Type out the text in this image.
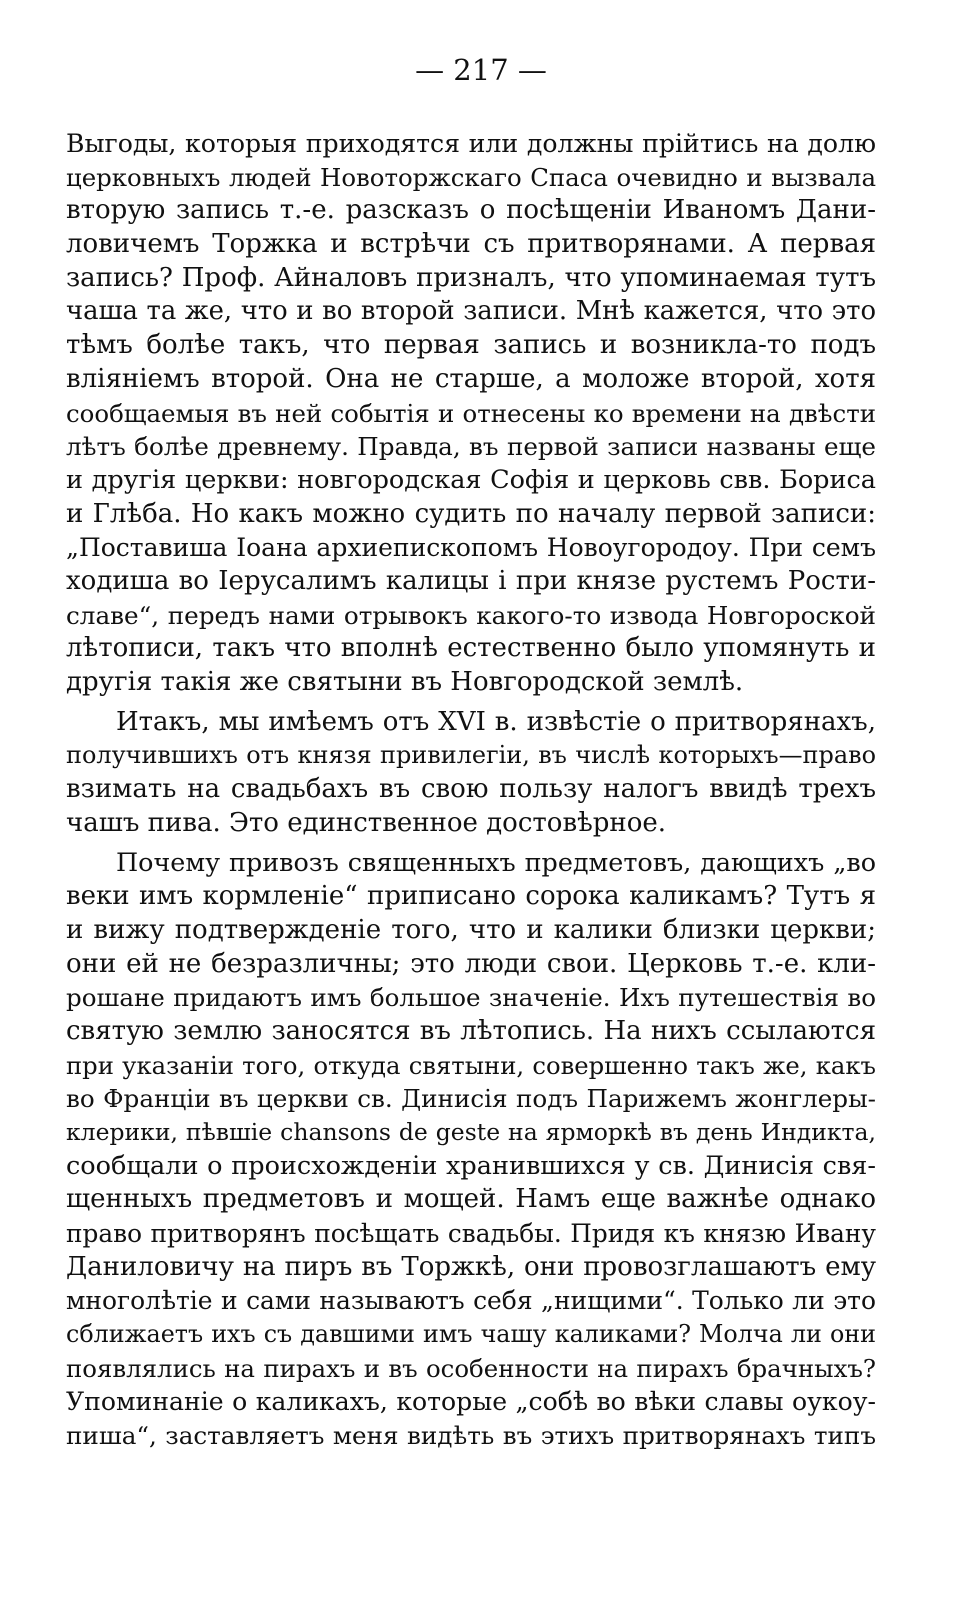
— 217 —
Выгоды, которыя приходятся или должны прійтись на долю
церковныхъ людей Новоторжскаго Спаса очевидно и вызвала
вторую запись т.-е. разсказъ о посѣщеніи Иваномъ Дани-
ловичемъ Торжка и встрѣчи съ притворянами. А первая
запись? Проф. Айналовъ призналъ, что упоминаемая тутъ
чаша та же, что и во второй записи. Мнѣ кажется, что это
тѣмъ болѣе такъ, что первая запись и возникла-то подъ
вліяніемъ второй. Она не старше, а моложе второй, хотя
сообщаемыя въ ней событія и отнесены ко времени на двѣсти
лѣтъ болѣе древнему. Правда, въ первой записи названы еще
и другія церкви: новгородская Софія и церковь свв. Бориса
и Глѣба. Но какъ можно судить по началу первой записи:
„Поставиша Іоана архиепископомъ Новоугородоу. При семъ
ходиша во Іерусалимъ калицы і при князе рустемъ Рости-
славе“, передъ нами отрывокъ какого-то извода Новгороской
лѣтописи, такъ что вполнѣ естественно было упомянуть и
другія такія же святыни въ Новгородской землѣ.
Итакъ, мы имѣемъ отъ XVI в. извѣстіе о притворянахъ,
получившихъ отъ князя привилегіи, въ числѣ которыхъ—право
взимать на свадьбахъ въ свою пользу налогъ ввидѣ трехъ
чашъ пива. Это единственное достовѣрное.
Почему привозъ священныхъ предметовъ, дающихъ „во
веки имъ кормленіе“ приписано сорока каликамъ? Тутъ я
и вижу подтвержденіе того, что и калики близки церкви;
они ей не безразличны; это люди свои. Церковь т.-е. кли-
рошане придаютъ имъ большое значеніе. Ихъ путешествія во
святую землю заносятся въ лѣтопись. На нихъ ссылаются
при указаніи того, откуда святыни, совершенно такъ же, какъ
во Франціи въ церкви св. Динисія подъ Парижемъ жонглеры-
клерики, пѣвшіе chansons de geste на ярморкѣ въ день Индикта,
сообщали о происхожденіи хранившихся у св. Динисія свя-
щенныхъ предметовъ и мощей. Намъ еще важнѣе однако
право притворянъ посѣщать свадьбы. Придя къ князю Ивану
Даниловичу на пиръ въ Торжкѣ, они провозглашаютъ ему
многолѣтіе и сами называютъ себя „нищими“. Только ли это
сближаетъ ихъ съ давшими имъ чашу каликами? Молча ли они
появлялись на пирахъ и въ особенности на пирахъ брачныхъ?
Упоминаніе о каликахъ, которые „собѣ во вѣки славы оукоу-
пиша“, заставляетъ меня видѣть въ этихъ притворянахъ типъ
